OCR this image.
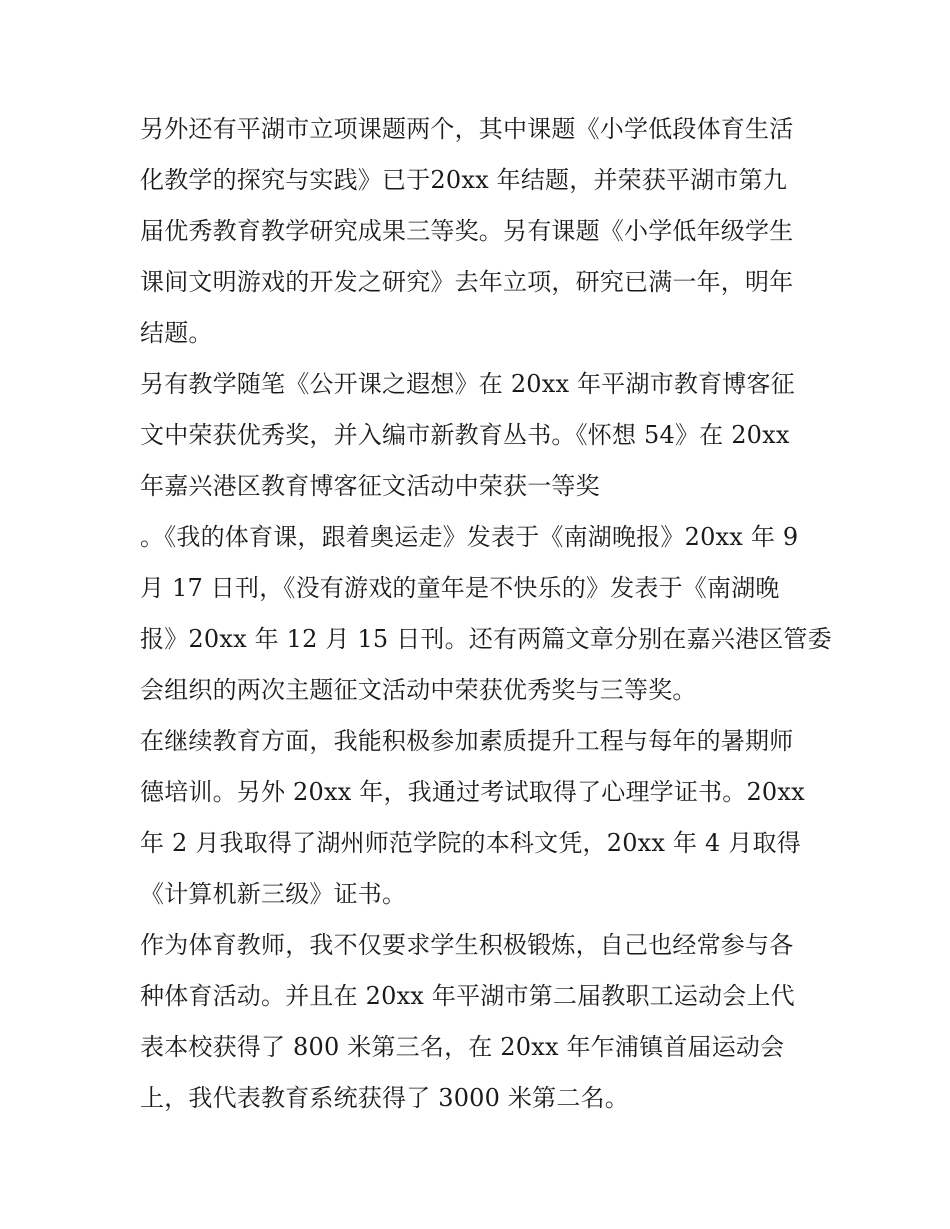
另外还有平湖市立项课题两个，其中课题《小学低段体育生活
化教学的探究与实践》已于20xx 年结题，并荣获平湖市第九
届优秀教育教学研究成果三等奖。另有课题《小学低年级学生
课间文明游戏的开发之研究》去年立项，研究已满一年，明年
结题。
另有教学随笔《公开课之遐想》在 20xx 年平湖市教育博客征
文中荣获优秀奖，并入编市新教育丛书。《怀想 54》在 20xx
年嘉兴港区教育博客征文活动中荣获一等奖
。《我的体育课，跟着奥运走》发表于《南湖晚报》20xx 年 9
月 17 日刊，《没有游戏的童年是不快乐的》发表于《南湖晚
报》20xx 年 12 月 15 日刊。还有两篇文章分别在嘉兴港区管委
会组织的两次主题征文活动中荣获优秀奖与三等奖。
在继续教育方面，我能积极参加素质提升工程与每年的暑期师
德培训。另外 20xx 年，我通过考试取得了心理学证书。20xx
年 2 月我取得了湖州师范学院的本科文凭，20xx 年 4 月取得
《计算机新三级》证书。
作为体育教师，我不仅要求学生积极锻炼，自己也经常参与各
种体育活动。并且在 20xx 年平湖市第二届教职工运动会上代
表本校获得了 800 米第三名，在 20xx 年乍浦镇首届运动会
上，我代表教育系统获得了 3000 米第二名。
